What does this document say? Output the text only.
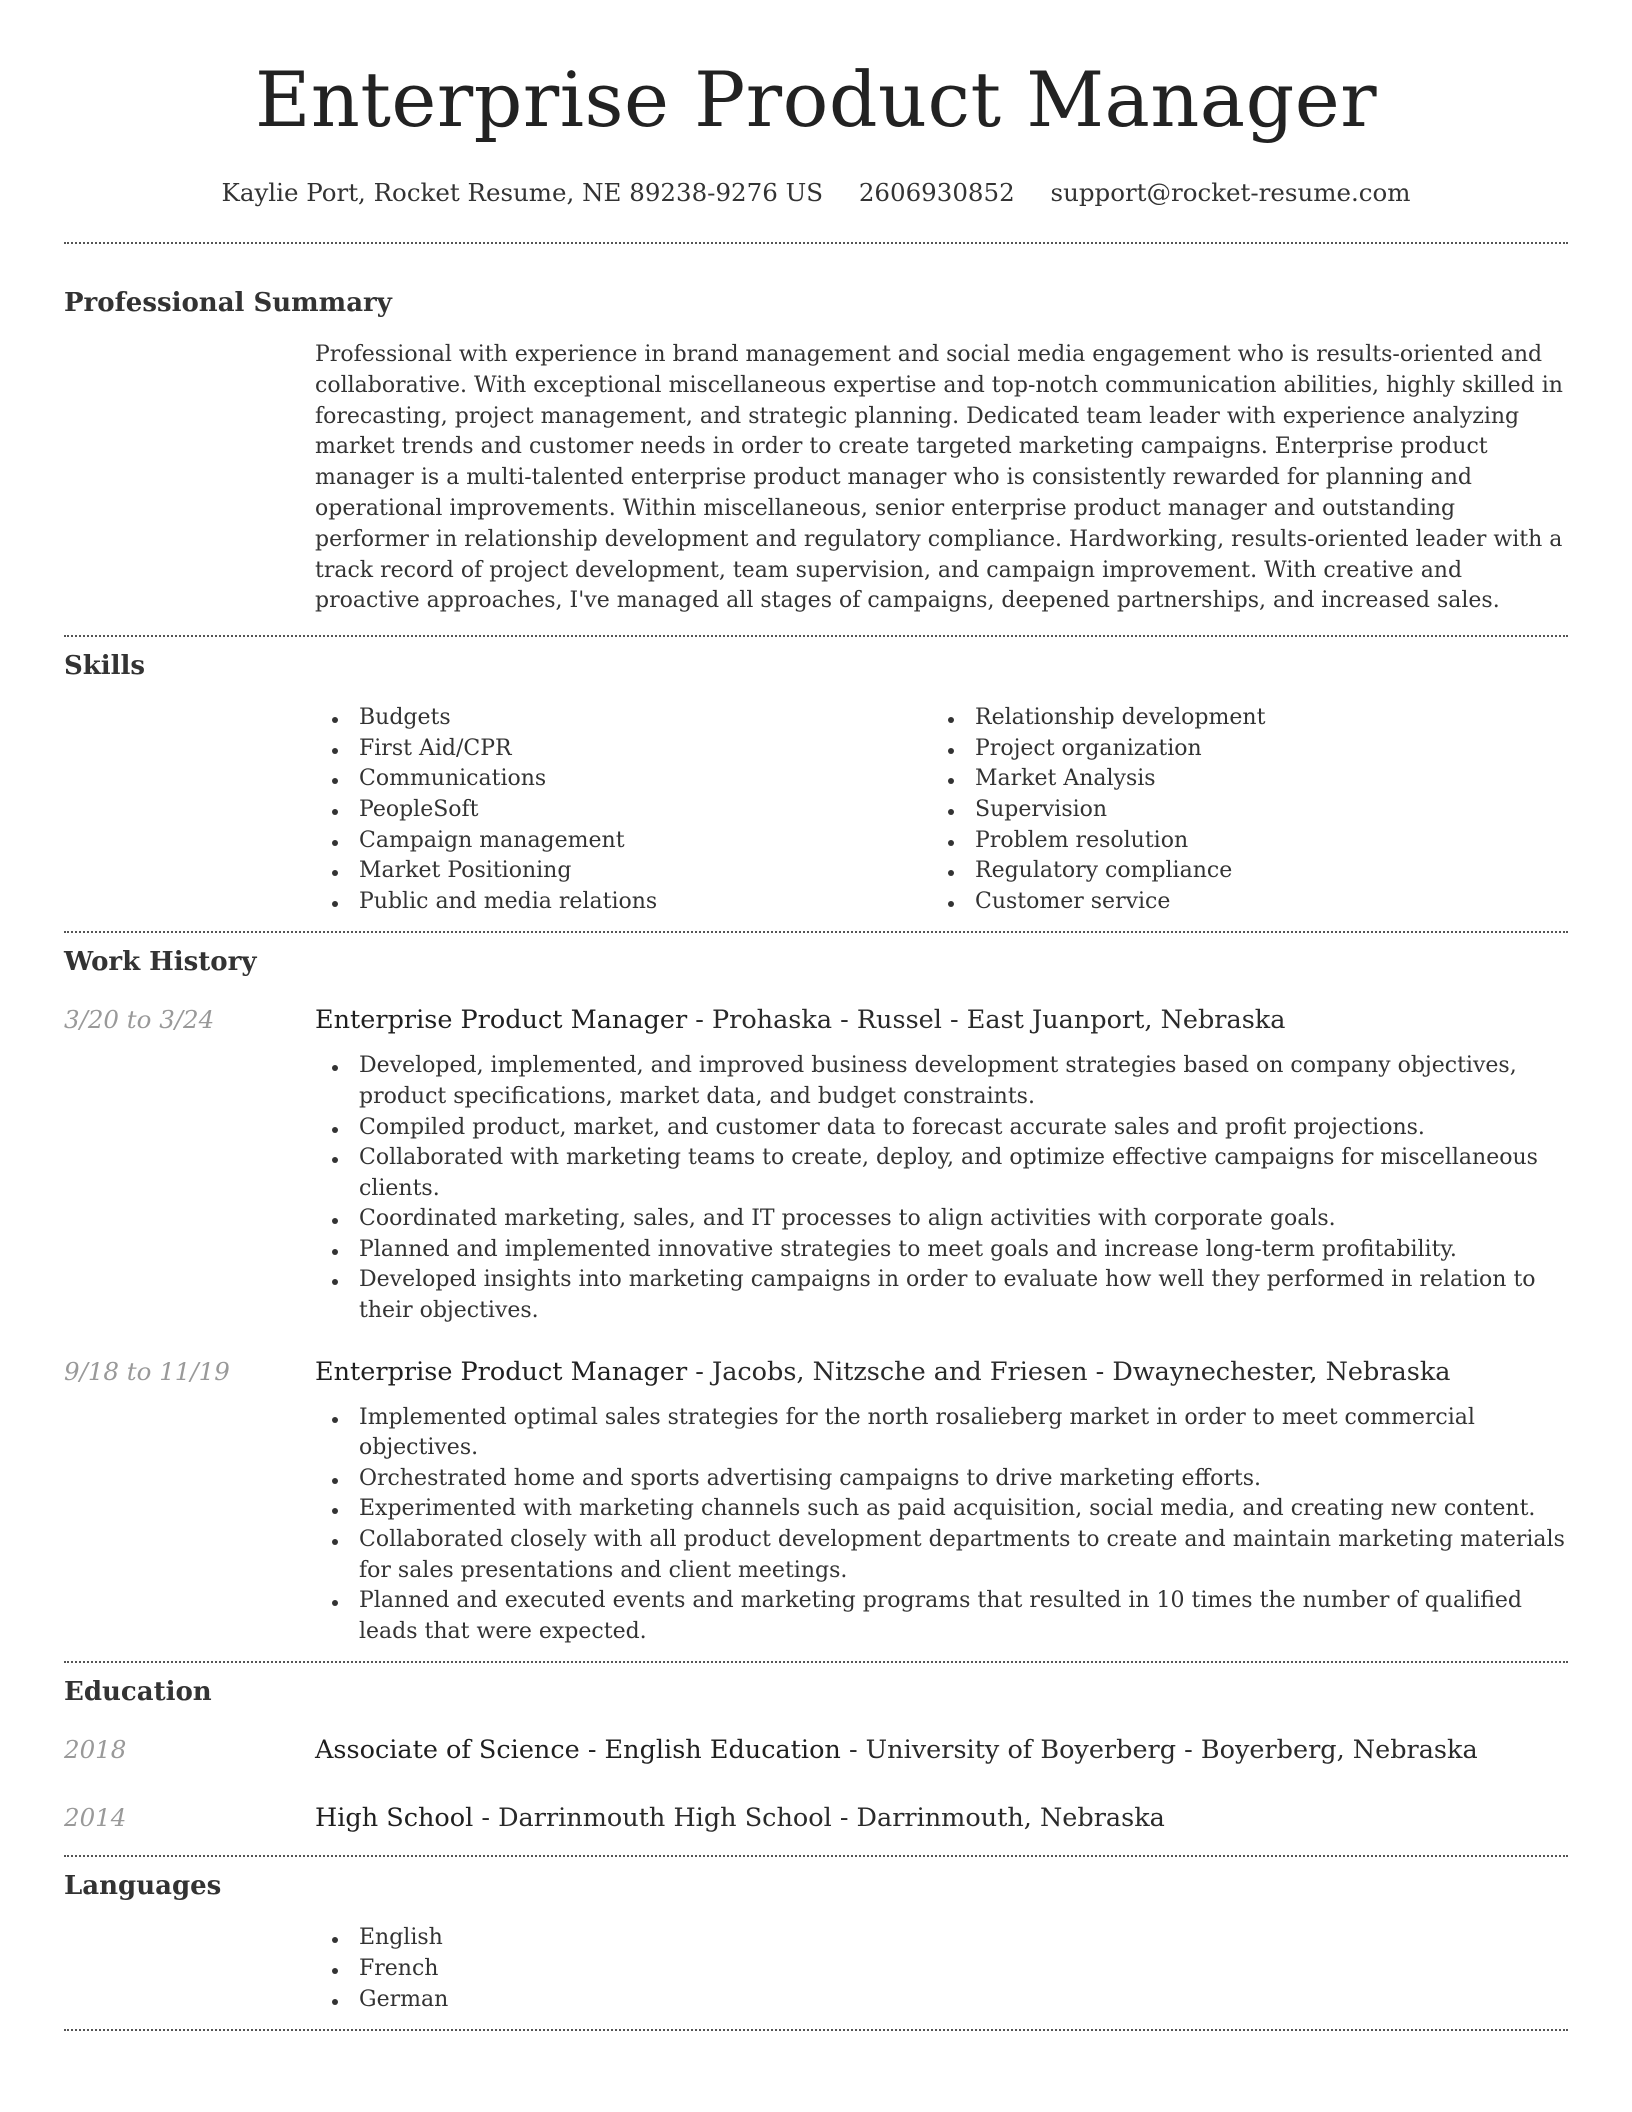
Enterprise Product Manager
Kaylie Port, Rocket Resume, NE 89238-9276 US 2606930852 support@rocket-resume.com
Professional Summary

Professional with experience in brand management and social media engagement who is results-oriented and collaborative. With exceptional miscellaneous expertise and top-notch communication abilities, highly skilled in forecasting, project management, and strategic planning. Dedicated team leader with experience analyzing market trends and customer needs in order to create targeted marketing campaigns. Enterprise product manager is a multi-talented enterprise product manager who is consistently rewarded for planning and operational improvements. Within miscellaneous, senior enterprise product manager and outstanding performer in relationship development and regulatory compliance. Hardworking, results-oriented leader with a track record of project development, team supervision, and campaign improvement. With creative and proactive approaches, I've managed all stages of campaigns, deepened partnerships, and increased sales.

Skills
Budgets
First Aid/CPR
Communications
PeopleSoft
Campaign management
Market Positioning
Public and media relations
Relationship development
Project organization
Market Analysis
Supervision
Problem resolution
Regulatory compliance
Customer service
Work History
3/20 to 3/24	Enterprise Product Manager - Prohaska - Russel - East Juanport, Nebraska
Developed, implemented, and improved business development strategies based on company objectives, product specifications, market data, and budget constraints.
Compiled product, market, and customer data to forecast accurate sales and profit projections.
Collaborated with marketing teams to create, deploy, and optimize effective campaigns for miscellaneous clients.
Coordinated marketing, sales, and IT processes to align activities with corporate goals.
Planned and implemented innovative strategies to meet goals and increase long-term profitability.
Developed insights into marketing campaigns in order to evaluate how well they performed in relation to their objectives.
9/18 to 11/19	Enterprise Product Manager - Jacobs, Nitzsche and Friesen - Dwaynechester, Nebraska
Implemented optimal sales strategies for the north rosalieberg market in order to meet commercial objectives.
Orchestrated home and sports advertising campaigns to drive marketing efforts.
Experimented with marketing channels such as paid acquisition, social media, and creating new content.
Collaborated closely with all product development departments to create and maintain marketing materials for sales presentations and client meetings.
Planned and executed events and marketing programs that resulted in 10 times the number of qualified leads that were expected.
Education
2018	Associate of Science - English Education - University of Boyerberg - Boyerberg, Nebraska
2014	High School - Darrinmouth High School - Darrinmouth, Nebraska
Languages
English
French
German
